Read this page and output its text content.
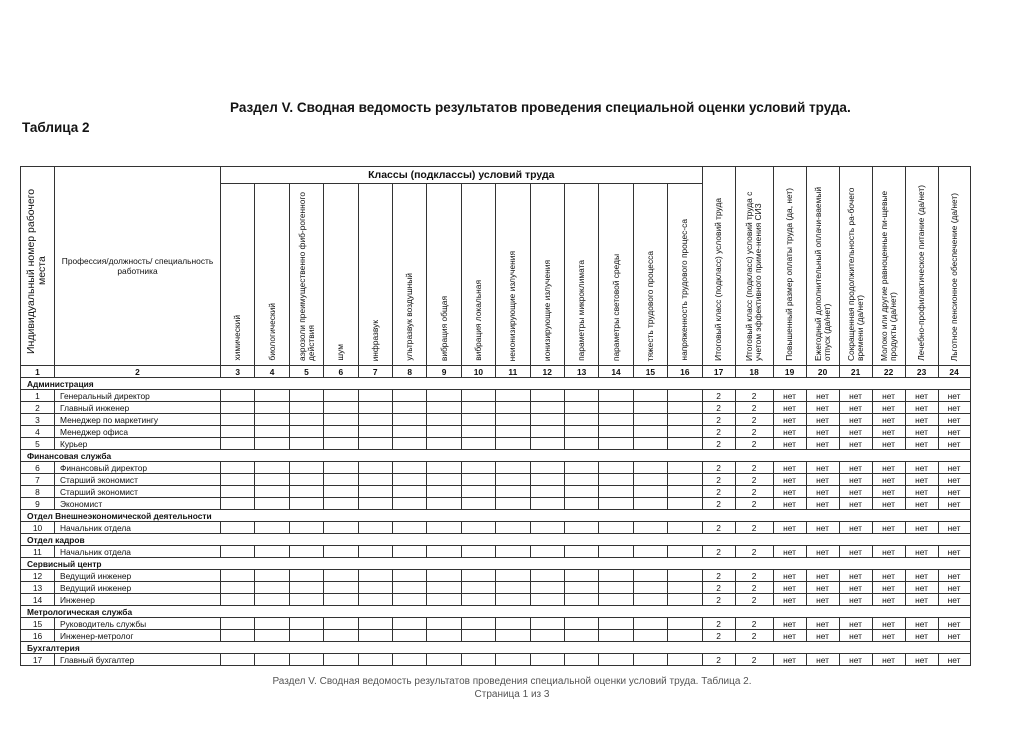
Раздел V. Сводная ведомость результатов проведения специальной оценки условий труда.
Таблица 2
Индивидуальный номер рабочего места	Профессия/должность/ специальность работника	Классы (подклассы) условий труда														Итоговый класс (подкласс) условий труда	Итоговый класс (подкласс) условий труда с учетом эффективного приме-нения СИЗ	Повышенный размер оплаты труда (да, нет)	Ежегодный дополнительный оплачи-ваемый отпуск (да/нет)	Сокращенная продолжительность ра-бочего времени (да/нет)	Молоко или другие равноценные пи-щевые продукты (да/нет)	Лечебно-профилактическое питание (да/нет)	Льготное пенсионное обеспечение (да/нет)
		химический	биологический	аэрозоли преимущественно фиб-рогенного действия	шум	инфразвук	ультразвук воздушный	вибрация общая	вибрация локальная	неионизирующие излучения	ионизирующие излучения	параметры микроклимата	параметры световой среды	тяжесть трудового процесса	напряженность трудового процес-са								
1	2	3	4	5	6	7	8	9	10	11	12	13	14	15	16	17	18	19	20	21	22	23	24
Администрация																							
1	Генеральный директор															2	2	нет	нет	нет	нет	нет	нет
2	Главный инженер															2	2	нет	нет	нет	нет	нет	нет
3	Менеджер по маркетингу															2	2	нет	нет	нет	нет	нет	нет
4	Менеджер офиса															2	2	нет	нет	нет	нет	нет	нет
5	Курьер															2	2	нет	нет	нет	нет	нет	нет
Финансовая служба																							
6	Финансовый директор															2	2	нет	нет	нет	нет	нет	нет
7	Старший экономист															2	2	нет	нет	нет	нет	нет	нет
8	Старший экономист															2	2	нет	нет	нет	нет	нет	нет
9	Экономист															2	2	нет	нет	нет	нет	нет	нет
Отдел Внешнеэкономической деятельности																							
10	Начальник отдела															2	2	нет	нет	нет	нет	нет	нет
Отдел кадров																							
11	Начальник отдела															2	2	нет	нет	нет	нет	нет	нет
Сервисный центр																							
12	Ведущий инженер															2	2	нет	нет	нет	нет	нет	нет
13	Ведущий инженер															2	2	нет	нет	нет	нет	нет	нет
14	Инженер															2	2	нет	нет	нет	нет	нет	нет
Метрологическая служба																							
15	Руководитель службы															2	2	нет	нет	нет	нет	нет	нет
16	Инженер-метролог															2	2	нет	нет	нет	нет	нет	нет
Бухгалтерия																							
17	Главный бухгалтер															2	2	нет	нет	нет	нет	нет	нет
Раздел V. Сводная ведомость результатов проведения специальной оценки условий труда. Таблица 2.
Страница 1 из 3
